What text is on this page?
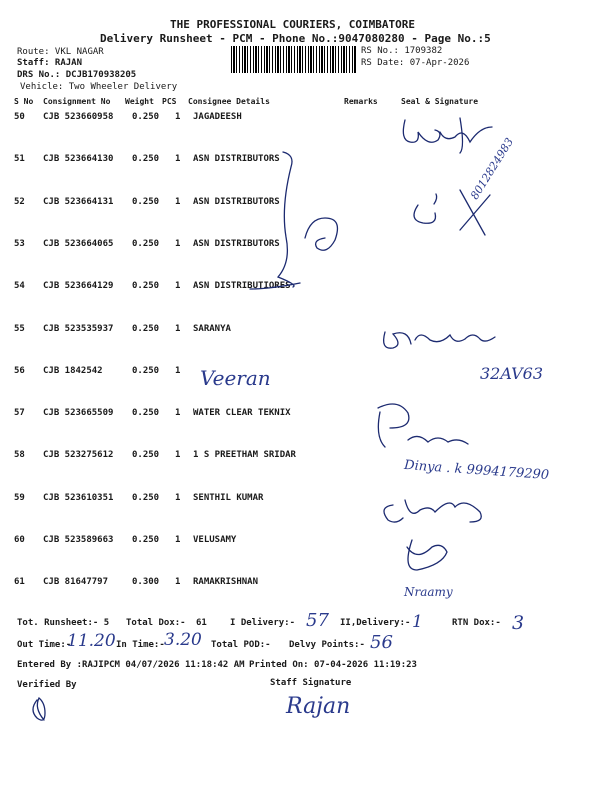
THE PROFESSIONAL COURIERS, COIMBATORE
Delivery Runsheet - PCM - Phone No.:9047080280 - Page No.:5
Route: VKL NAGAR
Staff: RAJAN
DRS No.: DCJB170938205
Vehicle: Two Wheeler Delivery
RS No.: 1709382
RS Date: 07-Apr-2026
S No Consignment No Weight PCS Consignee Details	Remarks	Seal & Signature
50 CJB 523660958 0.250 1 JAGADEESH
51 CJB 523664130 0.250 1 ASN DISTRIBUTORS
52 CJB 523664131 0.250 1 ASN DISTRIBUTORS
53 CJB 523664065 0.250 1 ASN DISTRIBUTORS
54 CJB 523664129 0.250 1 ASN DISTRIBUTIORES
55 CJB 523535937 0.250 1 SARANYA
56 CJB 1842542	0.250 1
57 CJB 523665509 0.250 1 WATER CLEAR TEKNIX
58 CJB 523275612 0.250 1 1 S PREETHAM SRIDAR
59 CJB 523610351 0.250 1 SENTHIL KUMAR
60 CJB 523589663 0.250 1 VELUSAMY
61 CJB 81647797	0.300 1 RAMAKRISHNAN
Veeran
8012824983
32AV63
Dinya . k 9994179290
Nraamy
Tot. Runsheet:- 5 Total Dox:- 61	I Delivery:- 57 II,Delivery:- 1	RTN Dox:- 3
Out Time:-
11.20 In Time:- 3.20 Total POD:- Delvy Points:- 56
Entered By :RAJIPCM 04/07/2026 11:18:42 AM Printed On: 07-04-2026 11:19:23
Verified By	Staff Signature
Rajan
